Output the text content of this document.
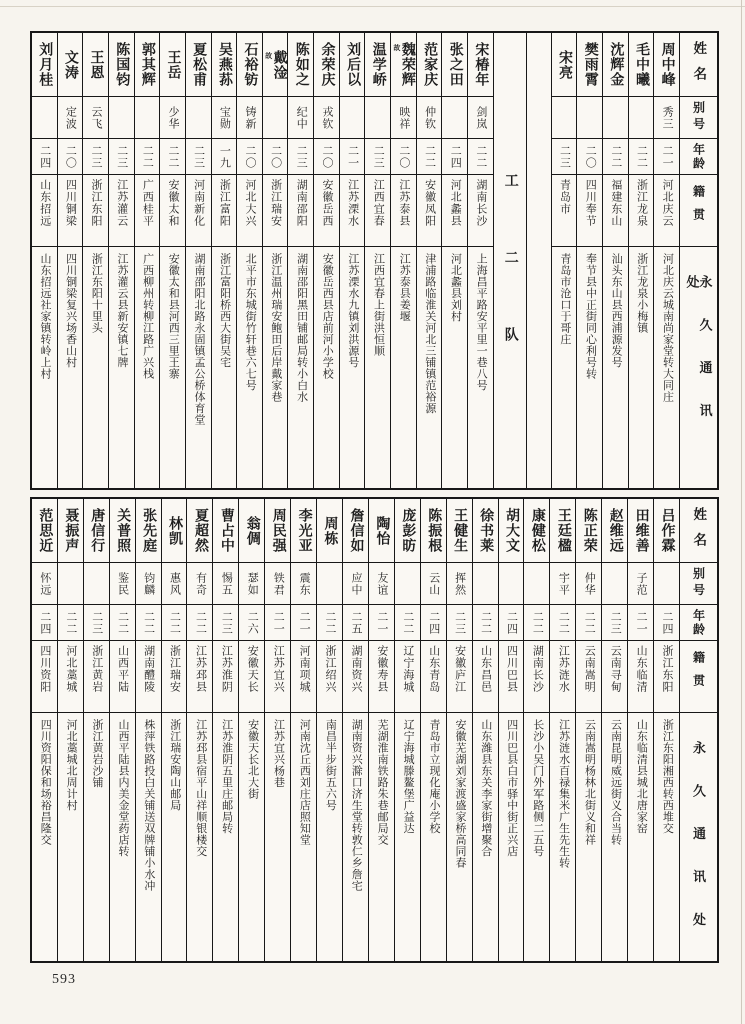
姓名
别号
年龄
籍贯
永久通讯处
周中峰
秀三
二一
河北庆云
河北庆云城南尚家堂转大同庄
毛中曦
二二
浙江龙泉
浙江龙泉小梅镇
沈辉金
二二
福建东山
汕头东山县西浦源发号
樊雨霄
二〇
四川奉节
奉节县中正街同心利号转
宋亮
二三
青岛市
青岛市沧口于哥庄
工二队
宋椿年
剑岚
二二
湖南长沙
上海昌平路安平里一巷八号
张之田
二四
河北蠡县
河北蠡县刘村
范家庆
仲钦
二二
安徽凤阳
津浦路临淮关河北三铺镇范裕源
魏荣辉
故
映祥
二〇
江苏泰县
江苏泰县姜堰
温学峤
二三
江西宜春
江西宜春上街洪恒顺
刘后以
二一
江苏溧水
江苏溧水九镇刘洪源号
余荣庆
戎钦
二〇
安徽岳西
安徽岳西县店前河小学校
陈如之
纪中
二三
湖南邵阳
湖南邵阳黑田铺邮局转小白水
戴淦
故
二〇
浙江瑞安
浙江温州瑞安鲍田后岸戴家巷
石裕钫
铸新
二〇
河北大兴
北平市东城街竹轩巷六七号
吴燕荪
宝勋
一九
浙江富阳
浙江富阳桥西大街吴宅
夏松甫
二三
河南新化
湖南邵阳北路永固镇孟公桥体育堂
王岳
少华
二二
安徽太和
安徽太和县河西三里王寨
郭其辉
二二
广西桂平
广西柳州转柳江路广兴栈
陈国钧
二三
江苏灌云
江苏灌云县新安镇七牌
王恩
云飞
二三
浙江东阳
浙江东阳十里头
文涛
定波
二〇
四川铜梁
四川铜梁复兴场香山村
刘月桂
二四
山东招远
山东招远社家镇转岭上村
姓名
别号
年龄
籍贯
永久通讯处
吕作霖
二四
浙江东阳
浙江东阳湘西转西堆交
田维善
子范
二一
山东临清
山东临清县城北唐家窑
赵维远
二三
云南寻甸
云南昆明威远街义合当转
陈正荣
仲华
二二
云南嵩明
云南嵩明杨林北街义和祥
王廷楹
宇平
二二
江苏涟水
江苏涟水百禄集米广生先生转
康健松
二二
湖南长沙
长沙小吴门外军路侧二五号
胡大文
二四
四川巴县
四川巴县白市驿中街正兴店
徐书莱
二二
山东昌邑
山东潍县东关李家街增聚合
王健生
挥然
二三
安徽庐江
安徽芜湖刘家渡盛家桥高同春
陈振根
云山
二四
山东青岛
青岛市立现化庵小学校
庞彭昉
二二
辽宁海城
辽宁海城滕鳌堡广益达
陶怡
友谊
二一
安徽寿县
芜湖淮南铁路朱巷邮局交
詹信如
应中
二五
湖南资兴
湖南资兴滁口济生堂转敦仁乡詹宅
周栋
二二
浙江绍兴
南昌半步街五六号
李光亚
震东
二一
河南项城
河南沈丘西刘庄店照知堂
周民强
铁君
二一
江苏宜兴
江苏宜兴杨巷
翁倜
瑟如
二六
安徽天长
安徽天长北大街
曹占中
惕五
二三
江苏淮阴
江苏淮阴五里庄邮局转
夏超然
有奇
二二
江苏邳县
江苏邳县宿平山祥顺银楼交
林凯
惠风
二二
浙江瑞安
浙江瑞安陶山邮局
张先庭
钧麟
二二
湖南醴陵
株萍铁路投白关铺送双牌铺小水冲
关普照
鉴民
二二
山西平陆
山西平陆县内美金堂药店转
唐信行
二三
浙江黄岩
浙江黄岩沙铺
聂振声
二二
河北藁城
河北藁城北周计村
范思近
怀远
二四
四川资阳
四川资阳保和场裕昌隆交
593
